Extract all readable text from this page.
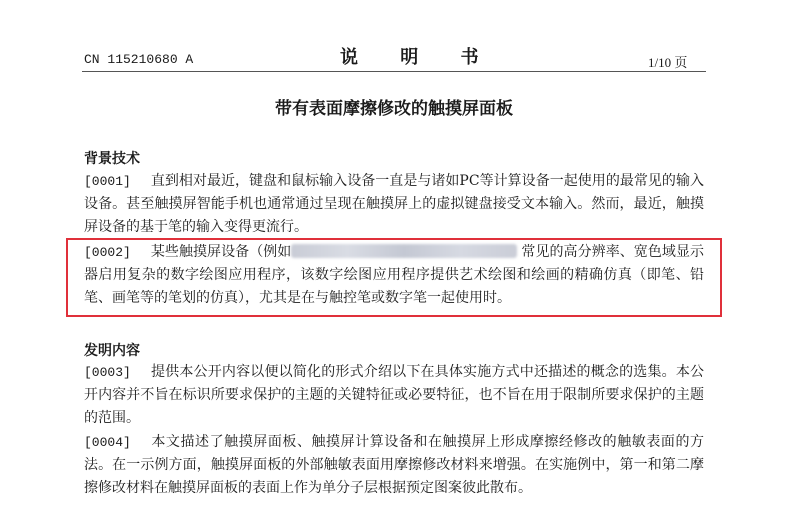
CN 115210680 A	说 明 书	1/10 页
带有表面摩擦修改的触摸屏面板
背景技术
[0001] 直到相对最近，键盘和鼠标输入设备一直是与诸如PC等计算设备一起使用的最常见的输入设备。甚至触摸屏智能手机也通常通过呈现在触摸屏上的虚拟键盘接受文本输入。然而，最近，触摸屏设备的基于笔的输入变得更流行。
[0002] 某些触摸屏设备（例如	常见的高分辨率、宽色域显示器启用复杂的数字绘图应用程序，该数字绘图应用程序提供艺术绘图和绘画的精确仿真（即笔、铅笔、画笔等的笔划的仿真），尤其是在与触控笔或数字笔一起使用时。
发明内容
[0003] 提供本公开内容以便以简化的形式介绍以下在具体实施方式中还描述的概念的选集。本公开内容并不旨在标识所要求保护的主题的关键特征或必要特征，也不旨在用于限制所要求保护的主题的范围。
[0004] 本文描述了触摸屏面板、触摸屏计算设备和在触摸屏上形成摩擦经修改的触敏表面的方法。在一示例方面，触摸屏面板的外部触敏表面用摩擦修改材料来增强。在实施例中，第一和第二摩擦修改材料在触摸屏面板的表面上作为单分子层根据预定图案彼此散布。
